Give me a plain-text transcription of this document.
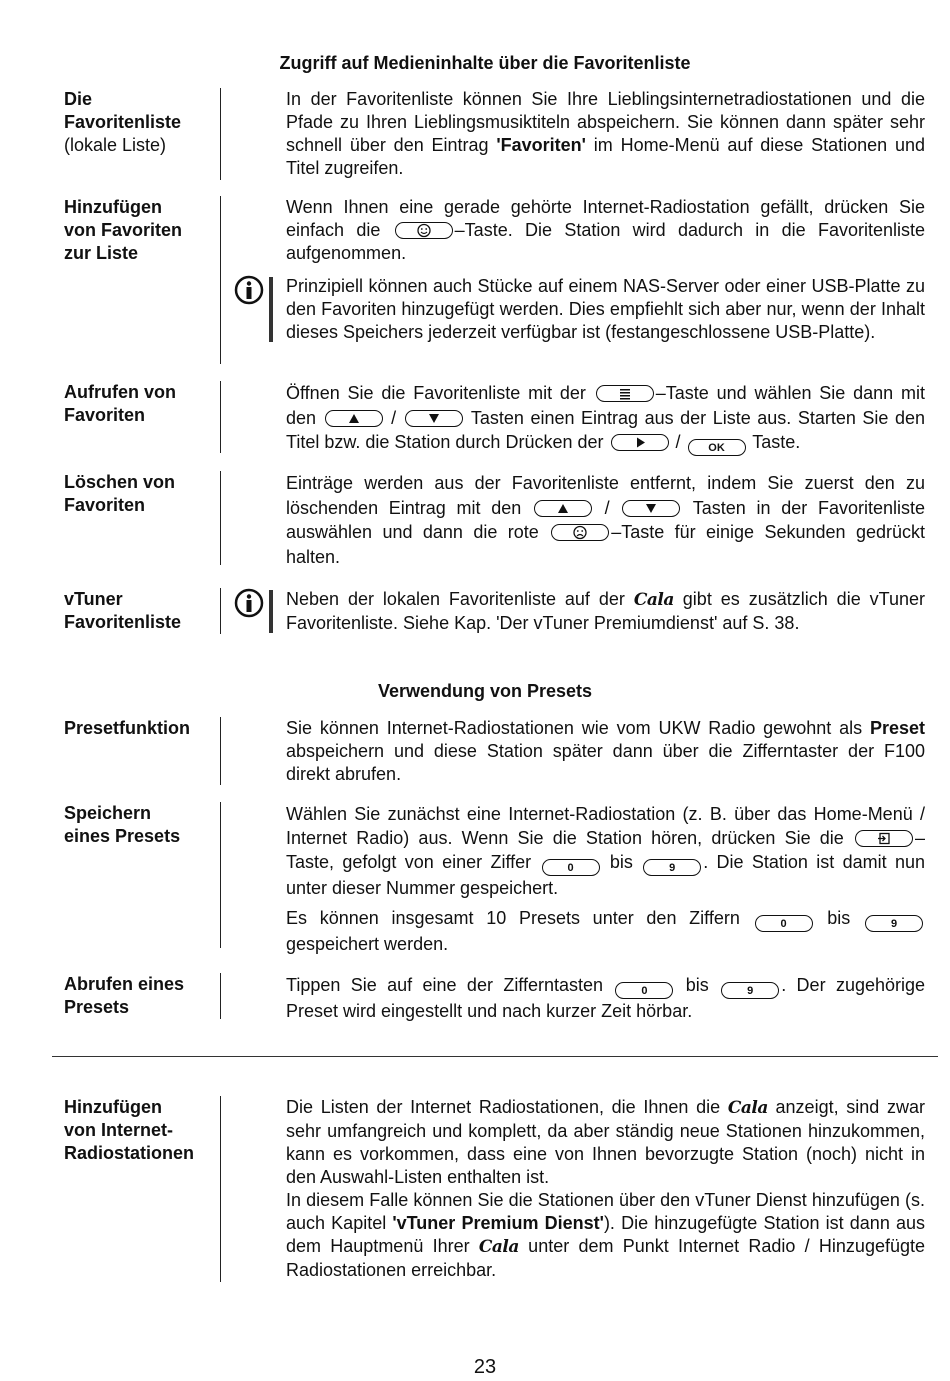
Zugriff auf Medieninhalte über die Favoritenliste
Die
Favoritenliste
(lokale Liste)

In der Favoritenliste können Sie Ihre Lieblingsinternetradiostationen und die Pfade zu Ihren Lieblingsmusiktiteln abspeichern. Sie können dann später sehr schnell über den Eintrag 'Favoriten' im Home-Menü auf diese Stationen und Titel zugreifen.

Hinzufügen
von Favoriten
zur Liste

Wenn Ihnen eine gerade gehörte Internet-Radiostation gefällt, drücken Sie einfach die	–Taste. Die Station wird dadurch in die Favoritenliste aufgenommen.

Prinzipiell können auch Stücke auf einem NAS-Server oder einer USB-Platte zu den Favoriten hinzugefügt werden. Dies empfiehlt sich aber nur, wenn der Inhalt dieses Speichers jederzeit verfügbar ist (festangeschlossene USB-Platte).

Aufrufen von
Favoriten

Öffnen Sie die Favoritenliste mit der	–Taste und wählen Sie dann mit den	/	Tasten einen Eintrag aus der Liste aus. Starten Sie den Titel bzw. die Station durch Drücken der	/ OK Taste.

Löschen von
Favoriten

Einträge werden aus der Favoritenliste entfernt, indem Sie zuerst den zu löschenden Eintrag mit den	/	Tasten in der Favoritenliste auswählen und dann die rote	–Taste für einige Sekunden gedrückt halten.

vTuner
Favoritenliste

Neben der lokalen Favoritenliste auf der Cala gibt es zusätzlich die vTuner Favoritenliste. Siehe Kap. 'Der vTuner Premiumdienst' auf S. 38.

Verwendung von Presets
Presetfunktion	Sie können Internet-Radiostationen wie vom UKW Radio gewohnt als Preset abspeichern und diese Station später dann über die Zifferntaster der F100 direkt abrufen.

Speichern
eines Presets

Wählen Sie zunächst eine Internet-Radiostation (z. B. über das Home-Menü / Internet Radio) aus. Wenn Sie die Station hören, drücken Sie die	–Taste, gefolgt von einer Ziffer	0 bis	9 . Die Station ist damit nun unter dieser Nummer gespeichert.

Es können insgesamt 10 Presets unter den Ziffern	0 bis	9 gespeichert werden.

Abrufen eines
Presets

Tippen Sie auf eine der Zifferntasten	0 bis	9 . Der zugehörige Preset wird eingestellt und nach kurzer Zeit hörbar.

Hinzufügen
von Internet-
Radiostationen

Die Listen der Internet Radiostationen, die Ihnen die Cala anzeigt, sind zwar sehr umfangreich und komplett, da aber ständig neue Stationen hinzukommen, kann es vorkommen, dass eine von Ihnen bevorzugte Station (noch) nicht in den Auswahl-Listen enthalten ist.

In diesem Falle können Sie die Stationen über den vTuner Dienst hinzufügen (s. auch Kapitel 'vTuner Premium Dienst'). Die hinzugefügte Station ist dann aus dem Hauptmenü Ihrer Cala unter dem Punkt Internet Radio / Hinzugefügte Radiostationen erreichbar.

23
